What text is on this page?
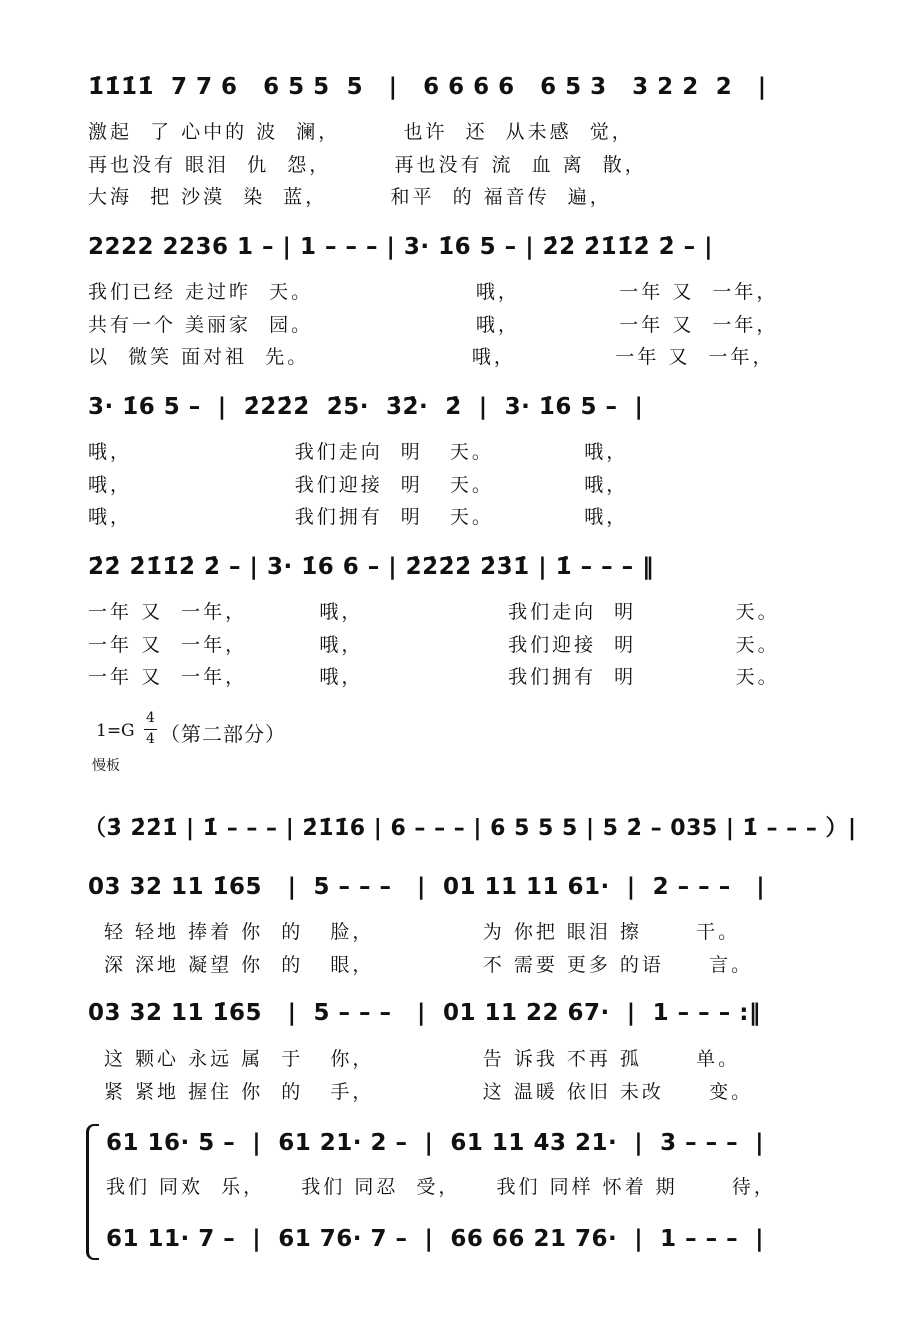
1̇1̇1̇1̇  7 7 6   6 5 5  5   |   6 6 6 6   6 5 3   3 2 2  2   |
激起  了 心中的 波  澜，       也许  还  从未感  觉，
再也没有 眼泪  仇  怨，       再也没有 流  血 离  散，
大海  把 沙漠  染  蓝，       和平  的 福音传  遍，
2222 2236 1 – | 1 – – – | 3· 1̇6 5 – | 2̇2̇ 2̇1̇1̇2̇ 2̇ – |
我们已经 走过昨  天。                  哦，           一年 又  一年，
共有一个 美丽家  园。                  哦，           一年 又  一年，
以  微笑 面对祖  先。                  哦，           一年 又  一年，
3· 1̇6 5 –  |  2̇2̇2̇2̇  2̇5·  3̇2̇·  2̇  |  3· 1̇6 5 –  |
哦，                  我们走向  明   天。          哦，
哦，                  我们迎接  明   天。          哦，
哦，                  我们拥有  明   天。          哦，
2̇2̇ 2̇1̇1̇2̇ 2̇ – | 3· 1̇6 6 – | 2̇2̇2̇2̇ 2̇3̇1̇ | 1̇ – – – ‖
一年 又  一年，        哦，                我们走向  明           天。
一年 又  一年，        哦，                我们迎接  明           天。
一年 又  一年，        哦，                我们拥有  明           天。
1=G
4
4 （第二部分）
慢板
（3̇ 2̇2̇1̇ | 1̇ – – – | 2̇1̇1̇6 | 6 – – – | 6 5 5 5 | 5 2̇ – 035 | 1̇ – – – ）|
03 32 11 1̇65   |  5 – – –   |  01 11 11 61·  |  2 – – –   |
轻 轻地 捧着 你  的   脸，            为 你把 眼泪 擦      干。
深 深地 凝望 你  的   眼，            不 需要 更多 的语     言。
03 32 11 1̇65   |  5 – – –   |  01 11 22 67·  |  1 – – – :‖
这 颗心 永远 属  于   你，            告 诉我 不再 孤      单。
紧 紧地 握住 你  的   手，            这 温暖 依旧 未改     变。
61 16· 5 –  |  61 21· 2 –  |  61 11 43 21·  |  3 – – –  |
我们 同欢  乐，    我们 同忍  受，    我们 同样 怀着 期      待，
61 11· 7 –  |  61 76· 7 –  |  66 66 21 76·  |  1 – – –  |
